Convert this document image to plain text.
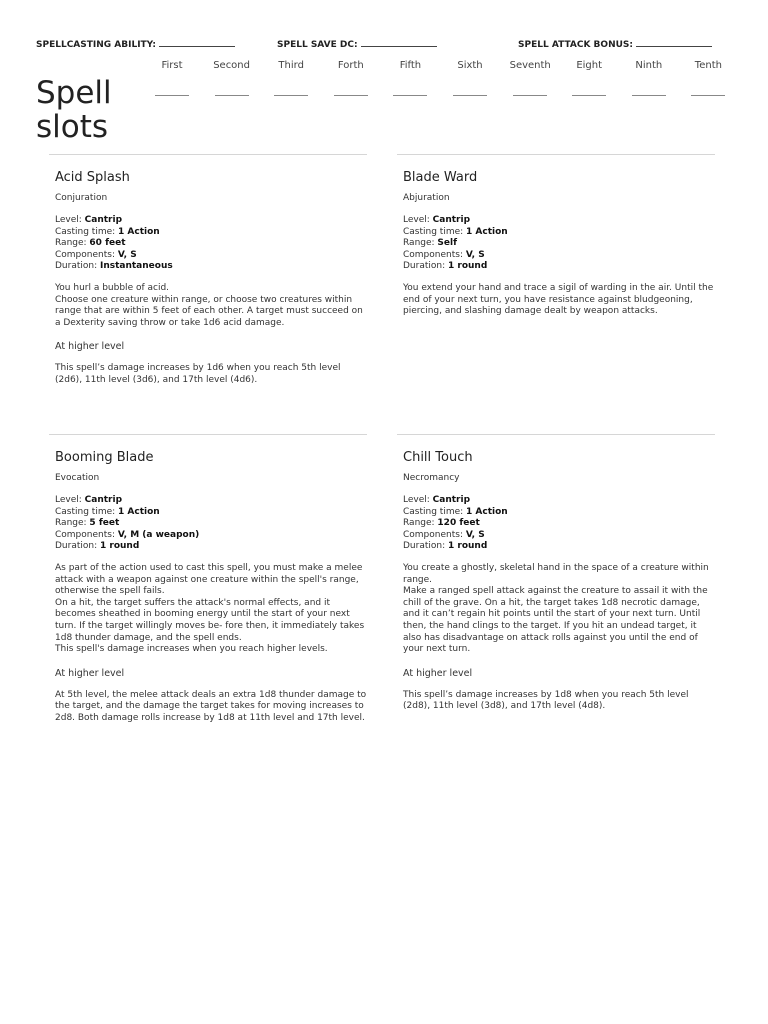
SPELLCASTING ABILITY:	SPELL SAVE DC:	SPELL ATTACK BONUS:
Spell
slots
First	Second	Third	Forth	Fifth	Sixth	Seventh	Eight	Ninth	Tenth
Acid Splash
Conjuration
Level: Cantrip
Casting time: 1 Action
Range: 60 feet
Components: V, S
Duration: Instantaneous
You hurl a bubble of acid.
Choose one creature within range, or choose two creatures within range that are within 5 feet of each other. A target must succeed on a Dexterity saving throw or take 1d6 acid damage.
At higher level
This spell’s damage increases by 1d6 when you reach 5th level (2d6), 11th level (3d6), and 17th level (4d6).
Blade Ward
Abjuration
Level: Cantrip
Casting time: 1 Action
Range: Self
Components: V, S
Duration: 1 round
You extend your hand and trace a sigil of warding in the air. Until the end of your next turn, you have resistance against bludgeoning, piercing, and slashing damage dealt by weapon attacks.
Booming Blade
Evocation
Level: Cantrip
Casting time: 1 Action
Range: 5 feet
Components: V, M (a weapon)
Duration: 1 round
As part of the action used to cast this spell, you must make a melee attack with a weapon against one creature within the spell's range, otherwise the spell fails.
On a hit, the target suffers the attack's normal effects, and it becomes sheathed in booming energy until the start of your next turn. If the target willingly moves be- fore then, it immediately takes 1d8 thunder damage, and the spell ends.
This spell's damage increases when you reach higher levels.
At higher level
At 5th level, the melee attack deals an extra 1d8 thunder damage to the target, and the damage the target takes for moving increases to 2d8. Both damage rolls increase by 1d8 at 11th level and 17th level.
Chill Touch
Necromancy
Level: Cantrip
Casting time: 1 Action
Range: 120 feet
Components: V, S
Duration: 1 round
You create a ghostly, skeletal hand in the space of a creature within range.
Make a ranged spell attack against the creature to assail it with the chill of the grave. On a hit, the target takes 1d8 necrotic damage, and it can’t regain hit points until the start of your next turn. Until then, the hand clings to the target. If you hit an undead target, it also has disadvantage on attack rolls against you until the end of your next turn.
At higher level
This spell’s damage increases by 1d8 when you reach 5th level (2d8), 11th level (3d8), and 17th level (4d8).
